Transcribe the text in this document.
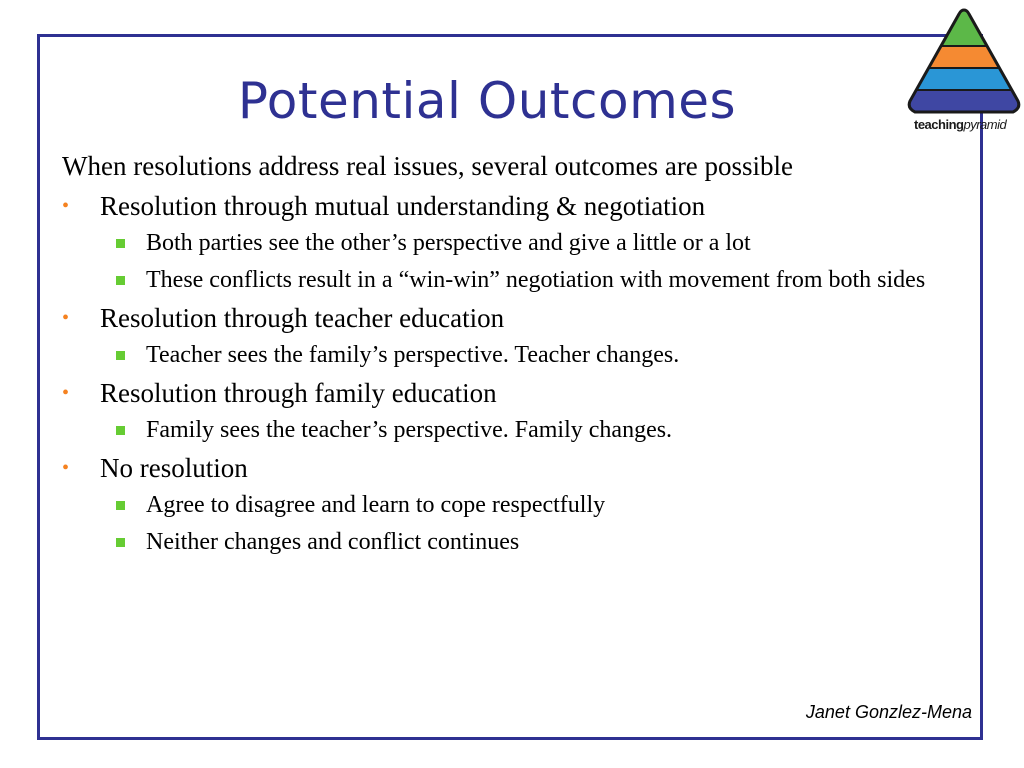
Potential Outcomes	teachingpyramid
When resolutions address real issues, several outcomes are possible
• Resolution through mutual understanding & negotiation
Both parties see the other’s perspective and give a little or a lot
These conflicts result in a “win-win” negotiation with movement from both sides
• Resolution through teacher education
Teacher sees the family’s perspective. Teacher changes.
• Resolution through family education
Family sees the teacher’s perspective. Family changes.
• No resolution
Agree to disagree and learn to cope respectfully
Neither changes and conflict continues
Janet Gonzlez-Mena
